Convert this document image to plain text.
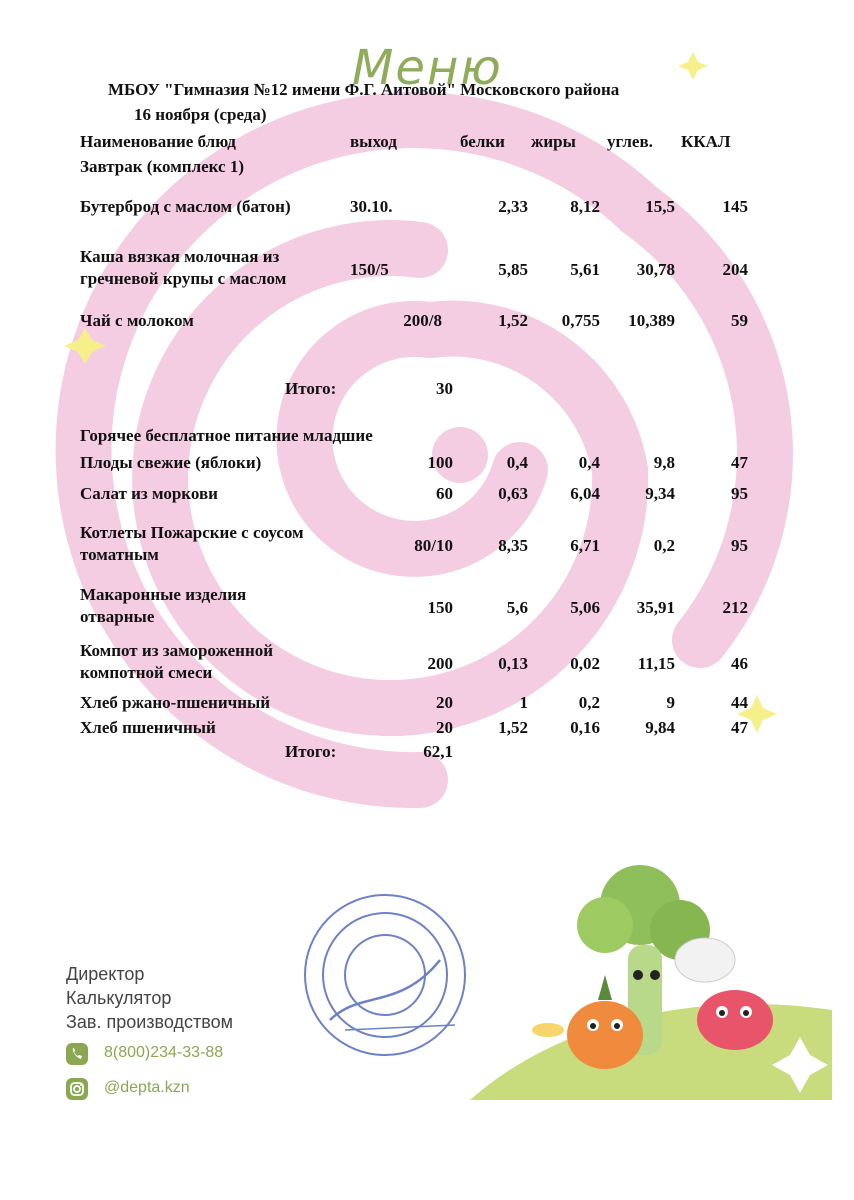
Меню
МБОУ "Гимназия №12 имени Ф.Г. Аитовой" Московского района
16 ноября (среда)
Наименование блюд	выход	белки жиры углев. ККАЛ
Завтрак (комплекс 1)
Бутерброд с маслом (батон)	30.10.	2,33	8,12	15,5	145
Каша вязкая молочная из гречневой крупы с маслом	150/5	5,85	5,61	30,78	204
Чай с молоком	200/8	1,52	0,755	10,389	59
Итого:	30
Горячее бесплатное питание младшие
Плоды свежие (яблоки)	100	0,4	0,4	9,8	47
Салат из моркови	60	0,63	6,04	9,34	95
Котлеты Пожарские с соусом томатным	80/10	8,35	6,71	0,2	95
Макаронные изделия отварные	150	5,6	5,06	35,91	212
Компот из замороженной компотной смеси	200	0,13	0,02	11,15	46
Хлеб ржано-пшеничный	20	1	0,2	9	44
Хлеб пшеничный	20	1,52	0,16	9,84	47
Итого:	62,1
Директор
Калькулятор
Зав. производством
8(800)234-33-88
@depta.kzn
